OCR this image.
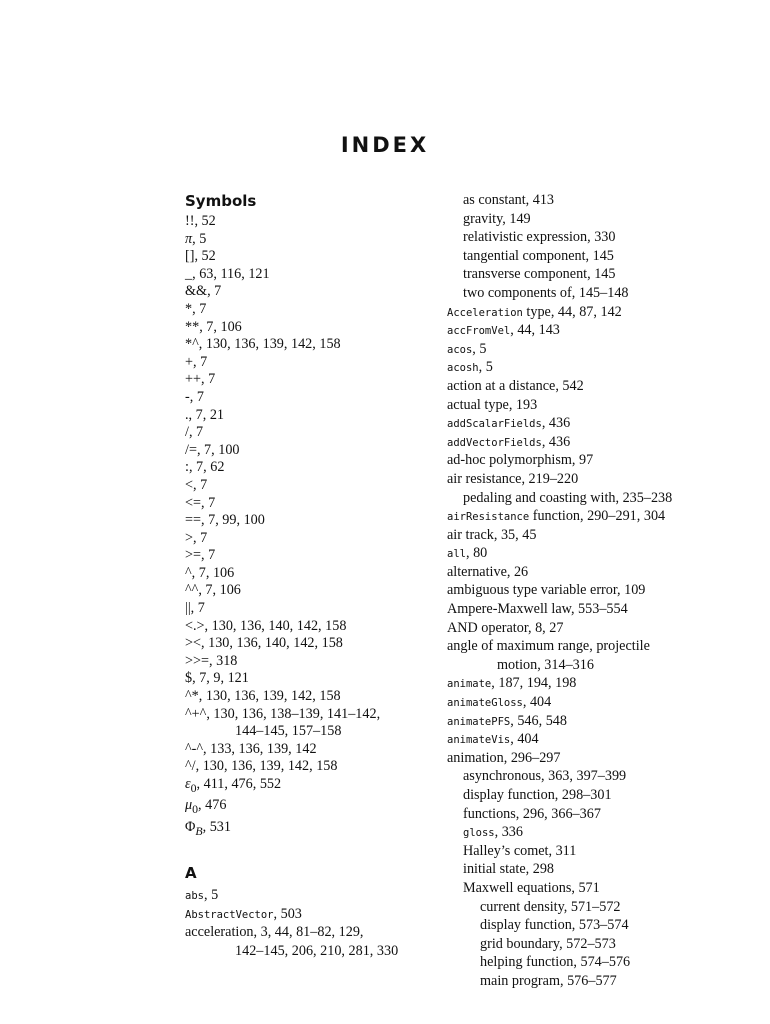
INDEX
Symbols
!!, 52
π, 5
[], 52
_, 63, 116, 121
&&, 7
*, 7
**, 7, 106
*^, 130, 136, 139, 142, 158
+, 7
++, 7
-, 7
., 7, 21
/, 7
/=, 7, 100
:, 7, 62
<, 7
<=, 7
==, 7, 99, 100
>, 7
>=, 7
^, 7, 106
^^, 7, 106
||, 7
<.>, 130, 136, 140, 142, 158
><, 130, 136, 140, 142, 158
>>=, 318
$, 7, 9, 121
^*, 130, 136, 139, 142, 158
^+^, 130, 136, 138–139, 141–142,
144–145, 157–158
^-^, 133, 136, 139, 142
^/, 130, 136, 139, 142, 158
$\varepsilon_0$, 411, 476, 552
$\mu_0$, 476
$\Phi_B$, 531
A
abs, 5
AbstractVector, 503
acceleration, 3, 44, 81–82, 129,
142–145, 206, 210, 281, 330
as constant, 413
gravity, 149
relativistic expression, 330
tangential component, 145
transverse component, 145
two components of, 145–148
Acceleration type, 44, 87, 142
accFromVel, 44, 143
acos, 5
acosh, 5
action at a distance, 542
actual type, 193
addScalarFields, 436
addVectorFields, 436
ad-hoc polymorphism, 97
air resistance, 219–220
pedaling and coasting with, 235–238
airResistance function, 290–291, 304
air track, 35, 45
all, 80
alternative, 26
ambiguous type variable error, 109
Ampere-Maxwell law, 553–554
AND operator, 8, 27
angle of maximum range, projectile
motion, 314–316
animate, 187, 194, 198
animateGloss, 404
animatePFS, 546, 548
animateVis, 404
animation, 296–297
asynchronous, 363, 397–399
display function, 298–301
functions, 296, 366–367
gloss, 336
Halley’s comet, 311
initial state, 298
Maxwell equations, 571
current density, 571–572
display function, 573–574
grid boundary, 572–573
helping function, 574–576
main program, 576–577
